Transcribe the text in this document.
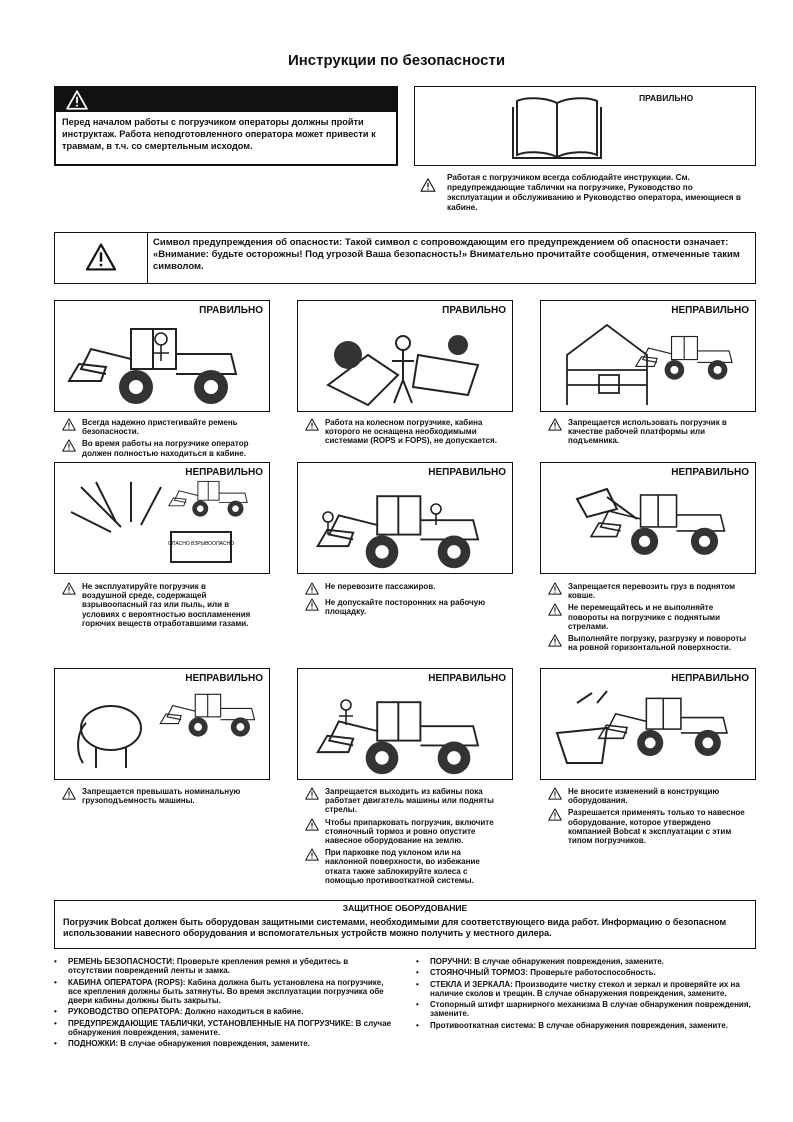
Инструкции по безопасности
Перед началом работы с погрузчиком операторы должны пройти инструктаж. Работа неподготовленного оператора может привести к травмам, в т.ч. со смертельным исходом.
ПРАВИЛЬНО
Работая с погрузчиком всегда соблюдайте инструкции. См. предупреждающие таблички на погрузчике, Руководство по эксплуатации и обслуживанию и Руководство оператора, имеющиеся в кабине.
Символ предупреждения об опасности: Такой символ с сопровождающим его предупреждением об опасности означает: «Внимание: будьте осторожны! Под угрозой Ваша безопасность!» Внимательно прочитайте сообщения, отмеченные таким символом.
ПРАВИЛЬНО
Всегда надежно пристегивайте ремень безопасности.
Во время работы на погрузчике оператор должен полностью находиться в кабине.
ПРАВИЛЬНО
Работа на колесном погрузчике, кабина которого не оснащена необходимыми системами (ROPS и FOPS), не допускается.
НЕПРАВИЛЬНО
Запрещается использовать погрузчик в качестве рабочей платформы или подъемника.
ОПАСНО ВЗРЫВООПАСНО
НЕПРАВИЛЬНО
Не эксплуатируйте погрузчик в воздушной среде, содержащей взрывоопасный газ или пыль, или в условиях с вероятностью воспламенения горючих веществ отработавшими газами.
НЕПРАВИЛЬНО
Не перевозите пассажиров.
Не допускайте посторонних на рабочую площадку.
НЕПРАВИЛЬНО
Запрещается перевозить груз в поднятом ковше.
Не перемещайтесь и не выполняйте повороты на погрузчике с поднятыми стрелами.
Выполняйте погрузку, разгрузку и повороты на ровной горизонтальной поверхности.
НЕПРАВИЛЬНО
Запрещается превышать номинальную грузоподъемность машины.
НЕПРАВИЛЬНО
Запрещается выходить из кабины пока работает двигатель машины или подняты стрелы.
Чтобы припарковать погрузчик, включите стояночный тормоз и ровно опустите навесное оборудование на землю.
При парковке под уклоном или на наклонной поверхности, во избежание отката также заблокируйте колеса с помощью противооткатной системы.
НЕПРАВИЛЬНО
Не вносите изменений в конструкцию оборудования.
Разрешается применять только то навесное оборудование, которое утверждено компанией Bobcat к эксплуатации с этим типом погрузчиков.
ЗАЩИТНОЕ ОБОРУДОВАНИЕ
Погрузчик Bobcat должен быть оборудован защитными системами, необходимыми для соответствующего вида работ. Информацию о безопасном использовании навесного оборудования и вспомогательных устройств можно получить у местного дилера.
•	РЕМЕНЬ БЕЗОПАСНОСТИ: Проверьте крепления ремня и убедитесь в отсутствии повреждений ленты и замка.
•	КАБИНА ОПЕРАТОРА (ROPS): Кабина должна быть установлена на погрузчике, все крепления должны быть затянуты. Во время эксплуатации погрузчика обе двери кабины должны быть закрыты.
•	РУКОВОДСТВО ОПЕРАТОРА: Должно находиться в кабине.
•	ПРЕДУПРЕЖДАЮЩИЕ ТАБЛИЧКИ, УСТАНОВЛЕННЫЕ НА ПОГРУЗЧИКЕ: В случае обнаружения повреждения, замените.
•	ПОДНОЖКИ: В случае обнаружения повреждения, замените.
•	ПОРУЧНИ: В случае обнаружения повреждения, замените.
•	СТОЯНОЧНЫЙ ТОРМОЗ: Проверьте работоспособность.
•	СТЕКЛА И ЗЕРКАЛА: Производите чистку стекол и зеркал и проверяйте их на наличие сколов и трещин. В случае обнаружения повреждения, замените.
•	Стопорный штифт шарнирного механизма В случае обнаружения повреждения, замените.
•	Противооткатная система: В случае обнаружения повреждения, замените.
